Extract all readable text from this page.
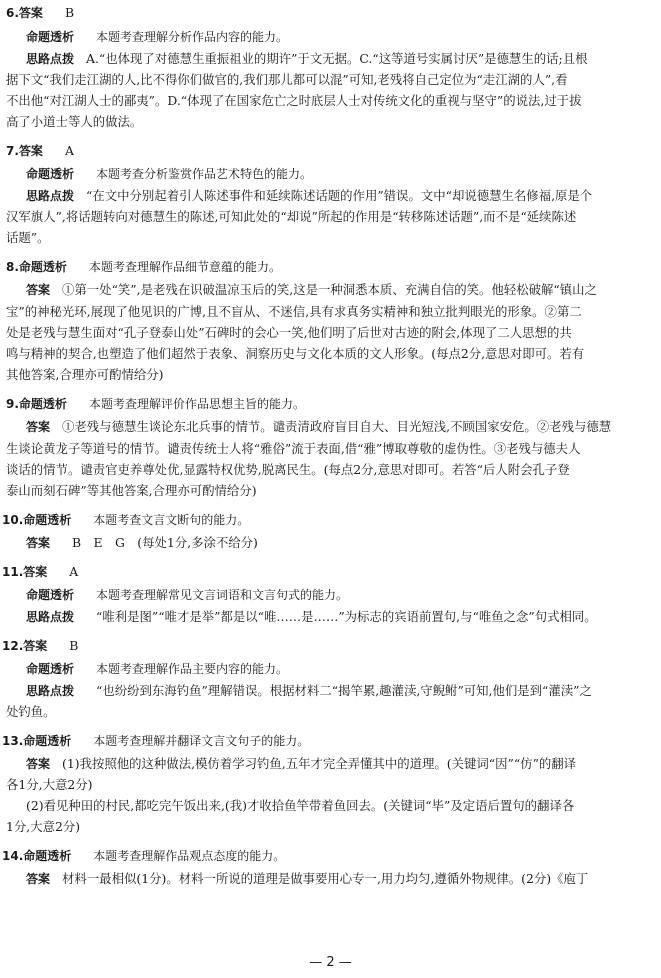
6.答案 B
命题透析 本题考查理解分析作品内容的能力。
思路点拨 A.“也体现了对德慧生重振祖业的期许”于文无据。C.“这等道号实属讨厌”是德慧生的话;且根
据下文“我们走江湖的人,比不得你们做官的,我们那儿都可以混”可知,老残将自己定位为“走江湖的人”,看
不出他“对江湖人士的鄙夷”。D.“体现了在国家危亡之时底层人士对传统文化的重视与坚守”的说法,过于拔
高了小道士等人的做法。
7.答案 A
命题透析 本题考查分析鉴赏作品艺术特色的能力。
思路点拨 “在文中分别起着引人陈述事件和延续陈述话题的作用”错误。文中“却说德慧生名修福,原是个
汉军旗人”,将话题转向对德慧生的陈述,可知此处的“却说”所起的作用是“转移陈述话题”,而不是“延续陈述
话题”。
8.命题透析 本题考查理解作品细节意蕴的能力。
答案 ①第一处“笑”,是老残在识破温凉玉后的笑,这是一种洞悉本质、充满自信的笑。他轻松破解“镇山之
宝”的神秘光环,展现了他见识的广博,且不盲从、不迷信,具有求真务实精神和独立批判眼光的形象。②第二
处是老残与慧生面对“孔子登泰山处”石碑时的会心一笑,他们明了后世对古迹的附会,体现了二人思想的共
鸣与精神的契合,也塑造了他们超然于表象、洞察历史与文化本质的文人形象。(每点2分,意思对即可。若有
其他答案,合理亦可酌情给分)
9.命题透析 本题考查理解评价作品思想主旨的能力。
答案 ①老残与德慧生谈论东北兵事的情节。谴责清政府盲目自大、目光短浅,不顾国家安危。②老残与德慧
生谈论黄龙子等道号的情节。谴责传统士人将“雅俗”流于表面,借“雅”博取尊敬的虚伪性。③老残与德夫人
谈话的情节。谴责官吏养尊处优,显露特权优势,脱离民生。(每点2分,意思对即可。若答“后人附会孔子登
泰山而刻石碑”等其他答案,合理亦可酌情给分)
10.命题透析 本题考查文言文断句的能力。
答案 B　E　G　(每处1分,多涂不给分)
11.答案 A
命题透析 本题考查理解常见文言词语和文言句式的能力。
思路点拨 “唯利是图”“唯才是举”都是以“唯……是……”为标志的宾语前置句,与“唯鱼之念”句式相同。
12.答案 B
命题透析 本题考查理解作品主要内容的能力。
思路点拨 “也纷纷到东海钓鱼”理解错误。根据材料二“揭竿累,趣灌渎,守鲵鲋”可知,他们是到“灌渎”之
处钓鱼。
13.命题透析 本题考查理解并翻译文言文句子的能力。
答案 (1)我按照他的这种做法,模仿着学习钓鱼,五年才完全弄懂其中的道理。(关键词“因”“仿”的翻译
各1分,大意2分)
(2)看见种田的村民,都吃完午饭出来,(我)才收拾鱼竿带着鱼回去。(关键词“毕”及定语后置句的翻译各
1分,大意2分)
14.命题透析 本题考查理解作品观点态度的能力。
答案 材料一最相似(1分)。材料一所说的道理是做事要用心专一,用力均匀,遵循外物规律。(2分)《庖丁
— 2 —
